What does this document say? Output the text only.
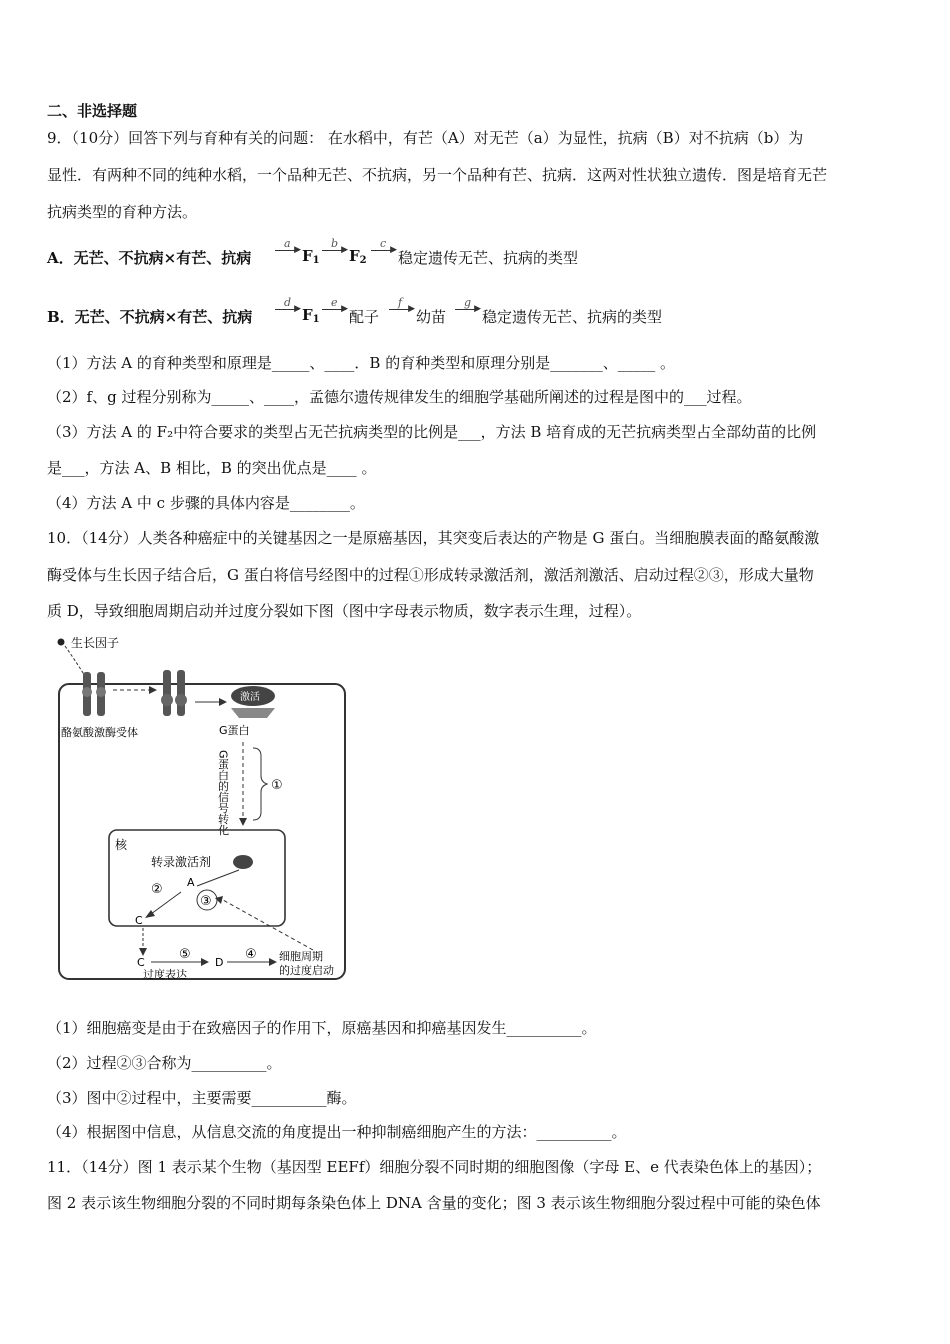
二、非选择题
9．（10分）回答下列与育种有关的问题： 在水稻中，有芒（A）对无芒（a）为显性，抗病（B）对不抗病（b）为
显性．有两种不同的纯种水稻，一个品种无芒、不抗病，另一个品种有芒、抗病．这两对性状独立遗传．图是培育无芒
抗病类型的育种方法。
A．无芒、不抗病×有芒、抗病
a ▶ $F_1$
b ▶ $F_2$
c ▶ 稳定遗传无芒、抗病的类型
B．无芒、不抗病×有芒、抗病
d ▶ $F_1$
e ▶ 配子
f ▶ 幼苗
g ▶ 稳定遗传无芒、抗病的类型
（1）方法 A 的育种类型和原理是_____、____．B 的育种类型和原理分别是_______、_____ 。
（2）f、g 过程分别称为_____、____，孟德尔遗传规律发生的细胞学基础所阐述的过程是图中的___过程。
（3）方法 A 的 F₂中符合要求的类型占无芒抗病类型的比例是___，方法 B 培育成的无芒抗病类型占全部幼苗的比例
是___，方法 A、B 相比，B 的突出优点是____ 。
（4）方法 A 中 c 步骤的具体内容是________。
10．（14分）人类各种癌症中的关键基因之一是原癌基因，其突变后表达的产物是 G 蛋白。当细胞膜表面的酪氨酸激
酶受体与生长因子结合后，G 蛋白将信号经图中的过程①形成转录激活剂，激活剂激活、启动过程②③，形成大量物
质 D，导致细胞周期启动并过度分裂如下图（图中字母表示物质，数字表示生理，过程）。
生长因子
激活
酪氨酸激酶受体	G蛋白
G蛋白的信号转化	①
核
转录激活剂
② A
③
C
C
⑤
过度表达
D
④ 细胞周期
的过度启动
（1）细胞癌变是由于在致癌因子的作用下，原癌基因和抑癌基因发生__________。
（2）过程②③合称为__________。
（3）图中②过程中，主要需要__________酶。
（4）根据图中信息，从信息交流的角度提出一种抑制癌细胞产生的方法：__________。
11．（14分）图 1 表示某个生物（基因型 EEFf）细胞分裂不同时期的细胞图像（字母 E、e 代表染色体上的基因）；
图 2 表示该生物细胞分裂的不同时期每条染色体上 DNA 含量的变化；图 3 表示该生物细胞分裂过程中可能的染色体
